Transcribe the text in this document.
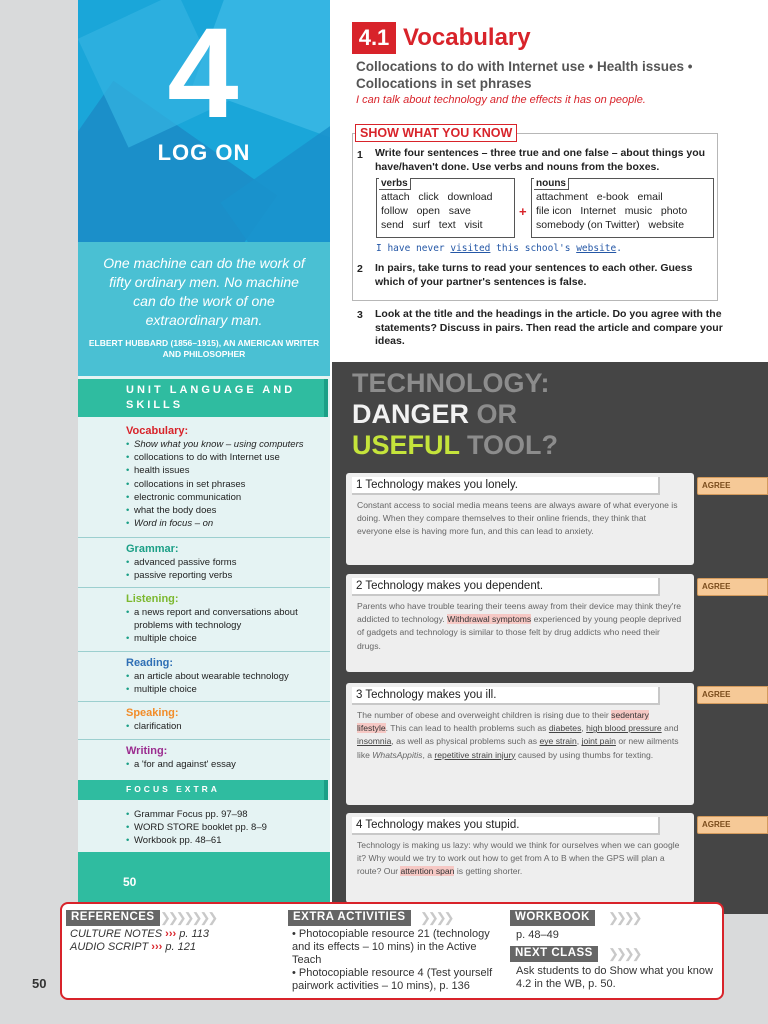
4
LOG ON
One machine can do the work of fifty ordinary men. No machine can do the work of one extraordinary man.
ELBERT HUBBARD (1856–1915), AN AMERICAN WRITER AND PHILOSOPHER
UNIT LANGUAGE AND SKILLS
Vocabulary:
• Show what you know – using computers
• collocations to do with Internet use
• health issues
• collocations in set phrases
• electronic communication
• what the body does
• Word in focus – on
Grammar:
• advanced passive forms
• passive reporting verbs
Listening:
• a news report and conversations about problems with technology
• multiple choice
Reading:
• an article about wearable technology
• multiple choice
Speaking:
• clarification
Writing:
• a 'for and against' essay
FOCUS EXTRA
• Grammar Focus pp. 97–98
• WORD STORE booklet pp. 8–9
• Workbook pp. 48–61
50
4.1 Vocabulary
Collocations to do with Internet use • Health issues • Collocations in set phrases
I can talk about technology and the effects it has on people.
SHOW WHAT YOU KNOW
1 Write four sentences – three true and one false – about things you have/haven't done. Use verbs and nouns from the boxes.
verbs
attach   click   download
follow   open   save
send   surf   text   visit
+
nouns
attachment   e-book   email
file icon   Internet   music   photo
somebody (on Twitter)   website
I have never visited this school's website.
2 In pairs, take turns to read your sentences to each other. Guess which of your partner's sentences is false.
3 Look at the title and the headings in the article. Do you agree with the statements? Discuss in pairs. Then read the article and compare your ideas.
TECHNOLOGY:
DANGER OR
USEFUL TOOL?
1 Technology makes you lonely.
Constant access to social media means teens are always aware of what everyone is doing. When they compare themselves to their online friends, they think that everyone else is having more fun, and this can lead to anxiety.
AGREE
2 Technology makes you dependent.
Parents who have trouble tearing their teens away from their device may think they're addicted to technology. Withdrawal symptoms experienced by young people deprived of gadgets and technology is similar to those felt by drug addicts who need their drugs.
AGREE
3 Technology makes you ill.
The number of obese and overweight children is rising due to their sedentary lifestyle. This can lead to health problems such as diabetes, high blood pressure and insomnia, as well as physical problems such as eye strain, joint pain or new ailments like WhatsAppitis, a repetitive strain injury caused by using thumbs for texting.
AGREE
4 Technology makes you stupid.
Technology is making us lazy: why would we think for ourselves when we can google it? Why would we try to work out how to get from A to B when the GPS will plan a route? Our attention span is getting shorter.
AGREE
REFERENCES ❯❯❯❯❯❯❯
CULTURE NOTES ››› p. 113
AUDIO SCRIPT ››› p. 121
EXTRA ACTIVITIES	❯❯❯❯
• Photocopiable resource 21 (technology and its effects – 10 mins) in the Active Teach
• Photocopiable resource 4 (Test yourself pairwork activities – 10 mins), p. 136
WORKBOOK	❯❯❯❯
p. 48–49
NEXT CLASS	❯❯❯❯
Ask students to do Show what you know 4.2 in the WB, p. 50.
50
